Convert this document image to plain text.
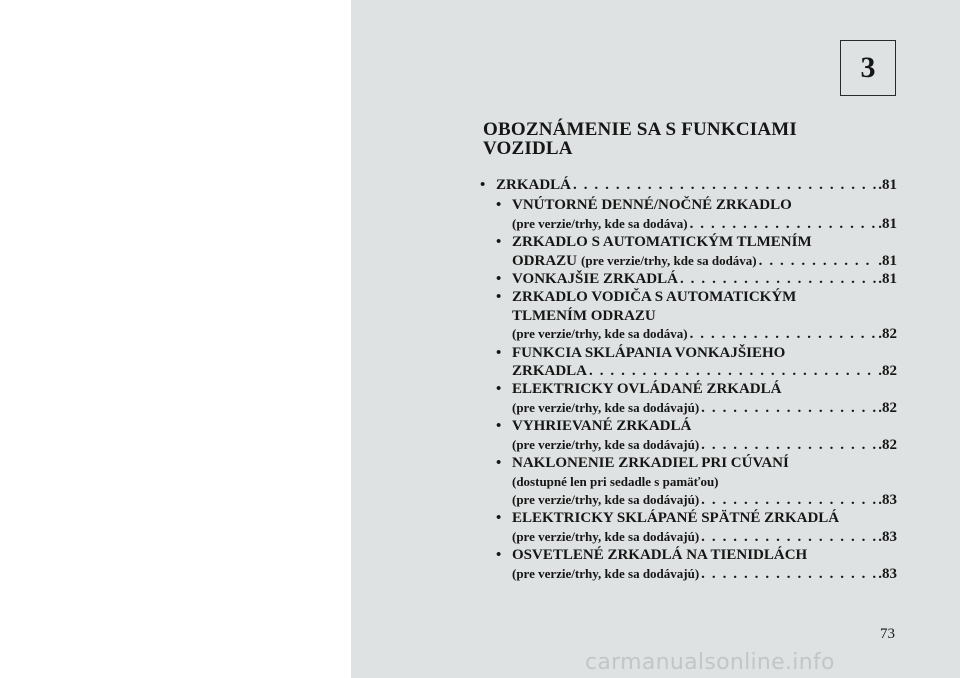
3
OBOZNÁMENIE SA S FUNKCIAMI
VOZIDLA
• ZRKADLÁ . . .	.81
• VNÚTORNÉ DENNÉ/NOČNÉ ZRKADLO
(pre verzie/trhy, kde sa dodáva) . . .	.81
• ZRKADLO S AUTOMATICKÝM TLMENÍM
ODRAZU (pre verzie/trhy, kde sa dodáva) . . .	.81
• VONKAJŠIE ZRKADLÁ . . .	.81
• ZRKADLO VODIČA S AUTOMATICKÝM
TLMENÍM ODRAZU
(pre verzie/trhy, kde sa dodáva) . . .	.82
• FUNKCIA SKLÁPANIA VONKAJŠIEHO
ZRKADLA . . .	.82
• ELEKTRICKY OVLÁDANÉ ZRKADLÁ
(pre verzie/trhy, kde sa dodávajú) . . .	.82
• VYHRIEVANÉ ZRKADLÁ
(pre verzie/trhy, kde sa dodávajú) . . .	.82
• NAKLONENIE ZRKADIEL PRI CÚVANÍ
(dostupné len pri sedadle s pamäťou)
(pre verzie/trhy, kde sa dodávajú) . . .	.83
• ELEKTRICKY SKLÁPANÉ SPÄTNÉ ZRKADLÁ
(pre verzie/trhy, kde sa dodávajú) . . .	.83
• OSVETLENÉ ZRKADLÁ NA TIENIDLÁCH
(pre verzie/trhy, kde sa dodávajú) . . .	.83
73
carmanualsonline.info
